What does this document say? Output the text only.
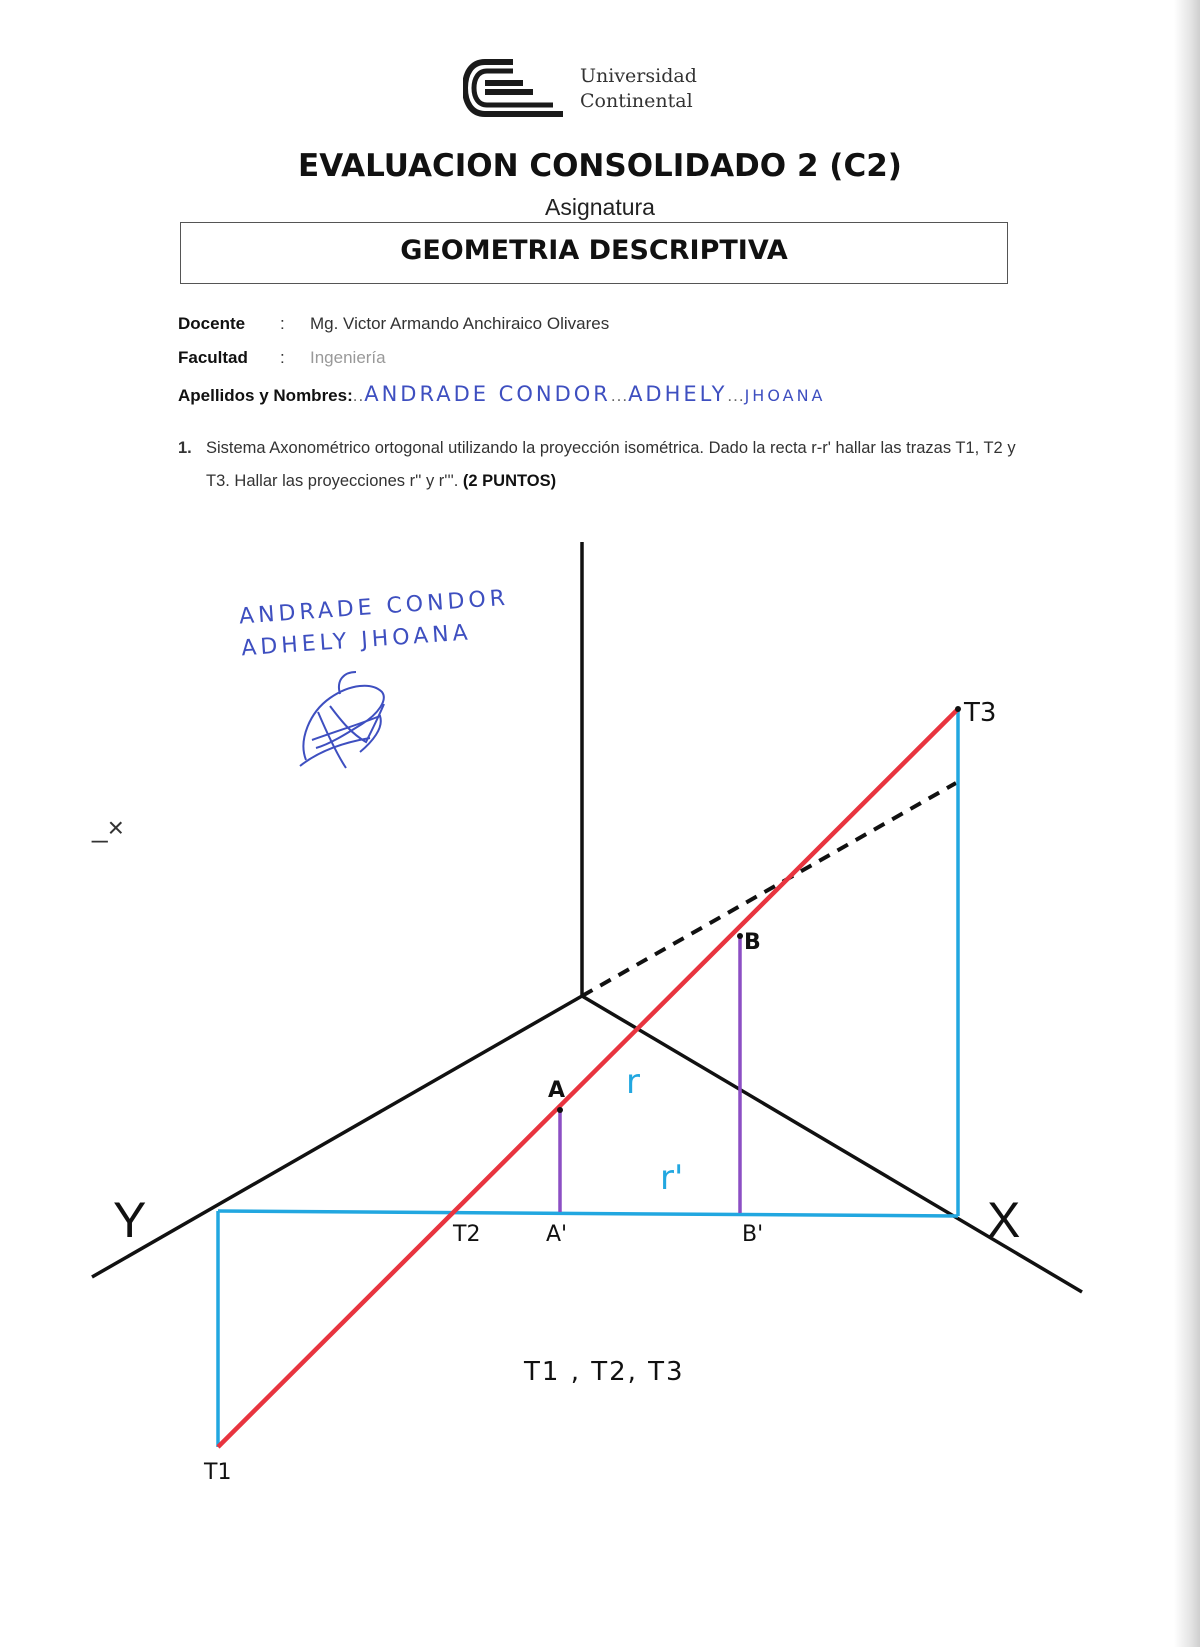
Universidad
Continental
EVALUACION CONSOLIDADO 2 (C2)
Asignatura
GEOMETRIA DESCRIPTIVA
Docente : Mg. Victor Armando Anchiraico Olivares
Facultad : Ingeniería
Apellidos y Nombres:..ANDRADE CONDOR...ADHELY...JHOANA
1. Sistema Axonométrico ortogonal utilizando la proyección isométrica. Dado la recta r-r' hallar las trazas T1, T2 y T3. Hallar las proyecciones r'' y r'''. (2 PUNTOS)
ANDRADE CONDOR
ADHELY JHOANA
_×
Y	X
T3
B
A
T2	A'	B'
T1
r
r'
T1 , T2, T3
